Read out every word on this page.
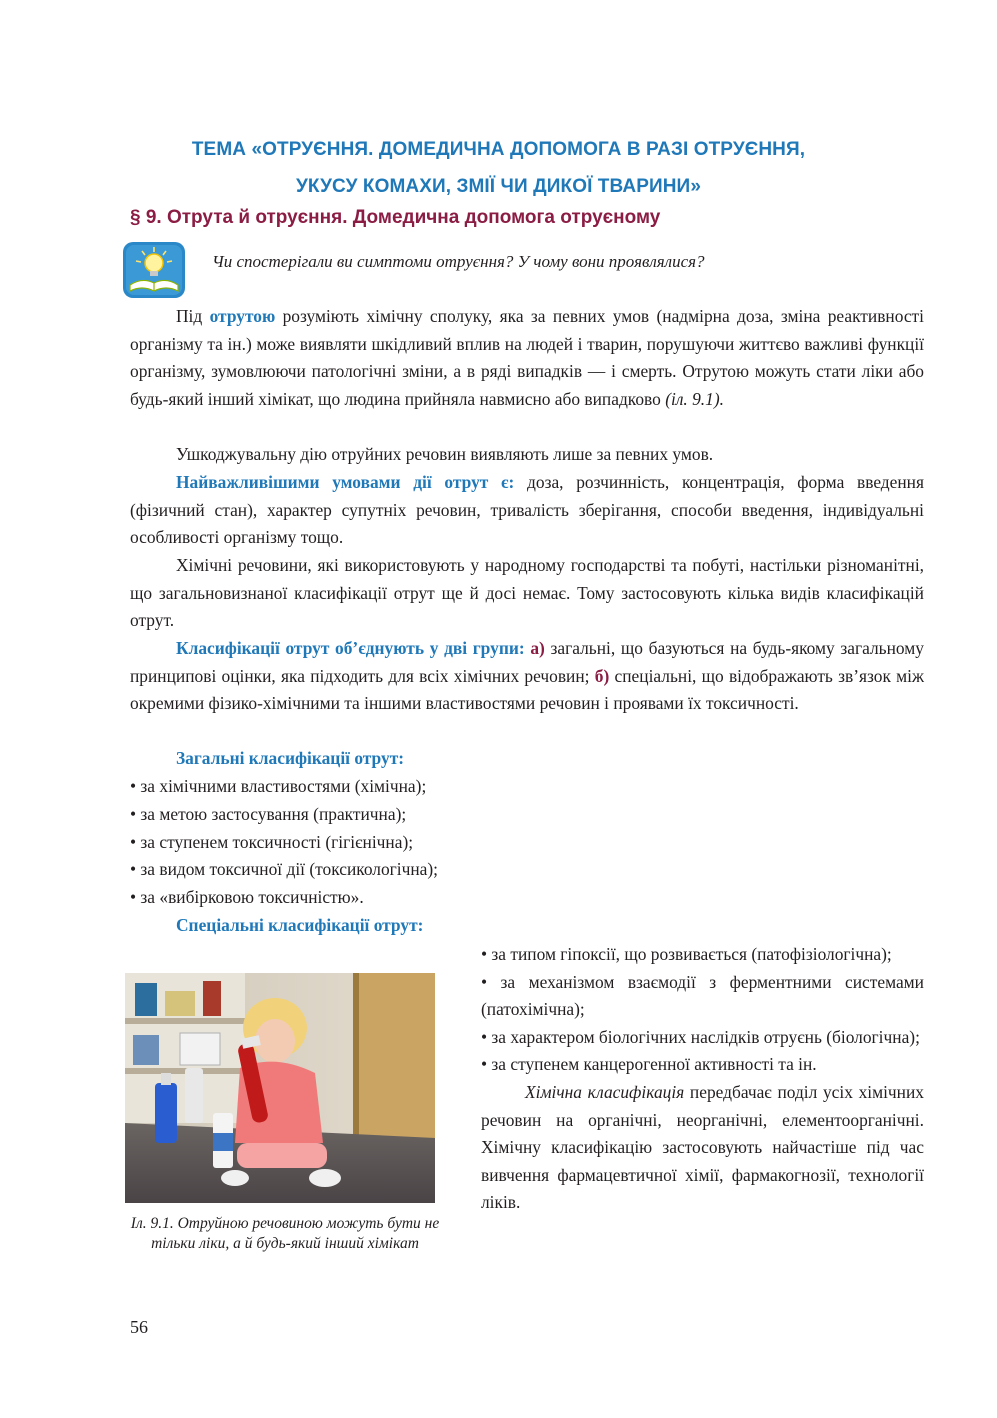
ТЕМА «ОТРУЄННЯ. ДОМЕДИЧНА ДОПОМОГА В РАЗІ ОТРУЄННЯ,
УКУСУ КОМАХИ, ЗМІЇ ЧИ ДИКОЇ ТВАРИНИ»
§ 9. Отрута й отруєння. Домедична допомога отруєному
Чи спостерігали ви симптоми отруєння? У чому вони проявлялися?

Під отрутою розуміють хімічну сполуку, яка за певних умов (надмірна доза, зміна реактивності організму та ін.) може виявляти шкідливий вплив на людей і тварин, порушуючи життєво важливі функції організму, зумовлюючи патологічні зміни, а в ряді випадків — і смерть. Отрутою можуть стати ліки або будь-який інший хімікат, що людина прийняла навмисно або випадково (іл. 9.1).

Ушкоджувальну дію отруйних речовин виявляють лише за певних умов.

Найважливішими умовами дії отрут є: доза, розчинність, концентрація, форма введення (фізичний стан), характер супутніх речовин, тривалість зберігання, способи введення, індивідуальні особливості організму тощо.

Хімічні речовини, які використовують у народному господарстві та побуті, настільки різноманітні, що загальновизнаної класифікації отрут ще й досі немає. Тому застосовують кілька видів класифікацій отрут.

Класифікації отрут об’єднують у дві групи: а) загальні, що базуються на будь-якому загальному принципові оцінки, яка підходить для всіх хімічних речовин; б) спеціальні, що відображають зв’язок між окремими фізико-хімічними та іншими властивостями речовин і проявами їх токсичності.

Загальні класифікації отрут:
• за хімічними властивостями (хімічна);
• за метою застосування (практична);
• за ступенем токсичності (гігієнічна);
• за видом токсичної дії (токсикологічна);
• за «вибірковою токсичністю».
Спеціальні класифікації отрут:

• за типом гіпоксії, що розвивається (патофізіологічна);

• за механізмом взаємодії з ферментними системами (патохімічна);

• за характером біологічних наслідків отруєнь (біологічна);

• за ступенем канцерогенної активності та ін.

Хімічна класифікація передбачає поділ усіх хімічних речовин на органічні, неорганічні, елементоорганічні. Хімічну класифікацію застосовують найчастіше під час вивчення фармацевтичної хімії, фармакогнозії, технології ліків.

Іл. 9.1. Отруйною речовиною можуть бути не тільки ліки, а й будь-який інший хімікат
56
